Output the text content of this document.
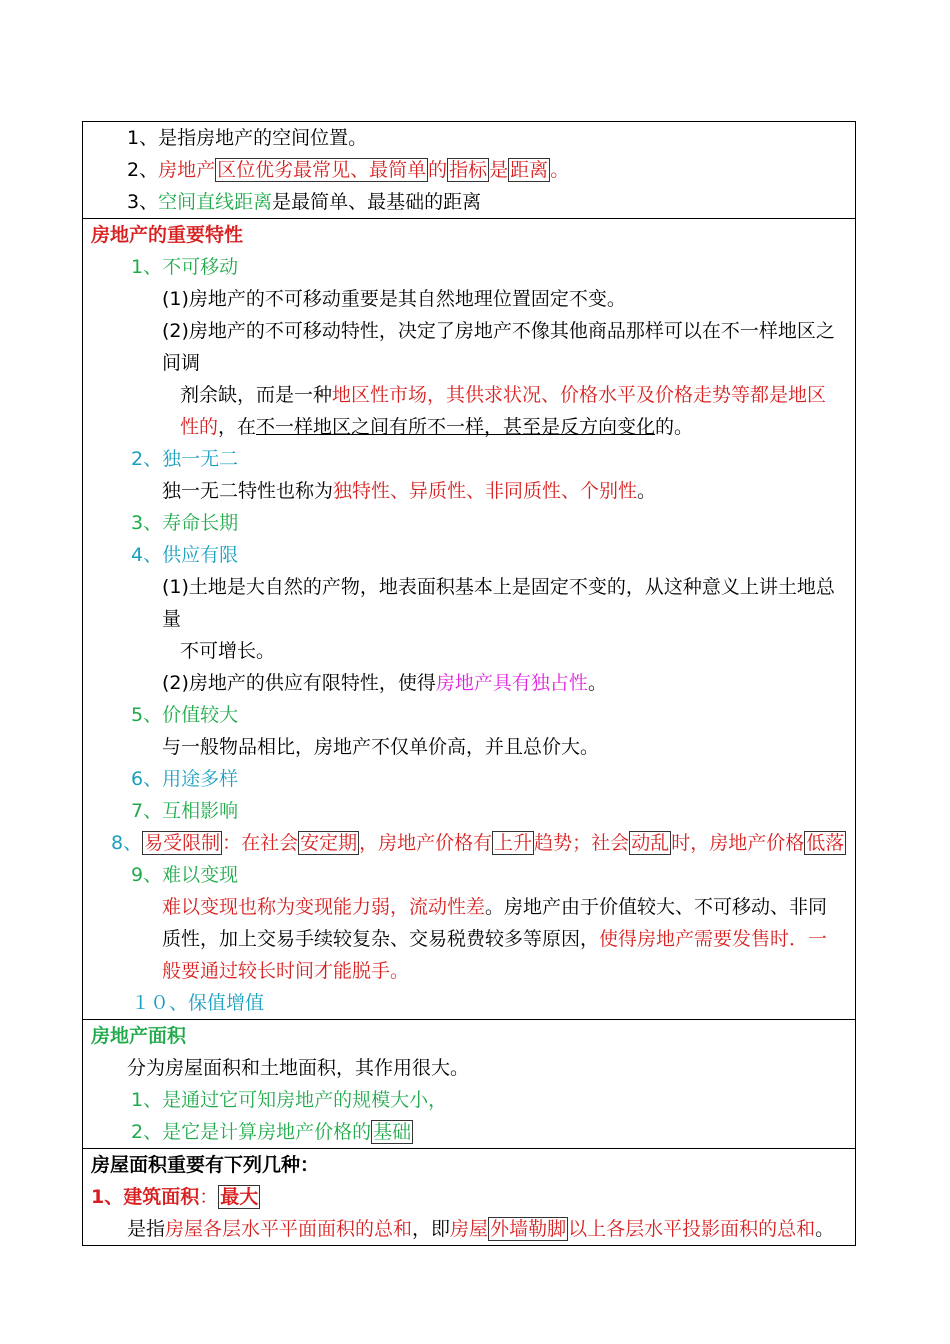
1、是指房地产的空间位置。
2、房地产 区位优劣最常见、最简单 的 指标 是 距离 。
3、空间直线距离是最简单、最基础的距离
房地产的重要特性
1、不可移动
(1)房地产的不可移动重要是其自然地理位置固定不变。
(2)房地产的不可移动特性，决定了房地产不像其他商品那样可以在不一样地区之
间调
剂余缺，而是一种地区性市场，其供求状况、价格水平及价格走势等都是地区
性的，在不一样地区之间有所不一样，甚至是反方向变化的。
2、独一无二
独一无二特性也称为独特性、异质性、非同质性、个别性。
3、寿命长期
4、供应有限
(1)土地是大自然的产物，地表面积基本上是固定不变的，从这种意义上讲土地总
量
不可增长。
(2)房地产的供应有限特性，使得房地产具有独占性。
5、价值较大
与一般物品相比，房地产不仅单价高，并且总价大。
6、用途多样
7、互相影响
8、 易受限制 ：在社会 安定期 ，房地产价格有 上升 趋势；社会 动乱 时，房地产价格 低落
9、难以变现
难以变现也称为变现能力弱，流动性差。房地产由于价值较大、不可移动、非同
质性，加上交易手续较复杂、交易税费较多等原因，使得房地产需要发售时．一
般要通过较长时间才能脱手。
１０、保值增值
房地产面积
分为房屋面积和土地面积，其作用很大。
1、是通过它可知房地产的规模大小，
2、是它是计算房地产价格的 基础
房屋面积重要有下列几种：
1、建筑面积： 最大
是指房屋各层水平平面面积的总和，即房屋 外墙勒脚 以上各层水平投影面积的总和。
